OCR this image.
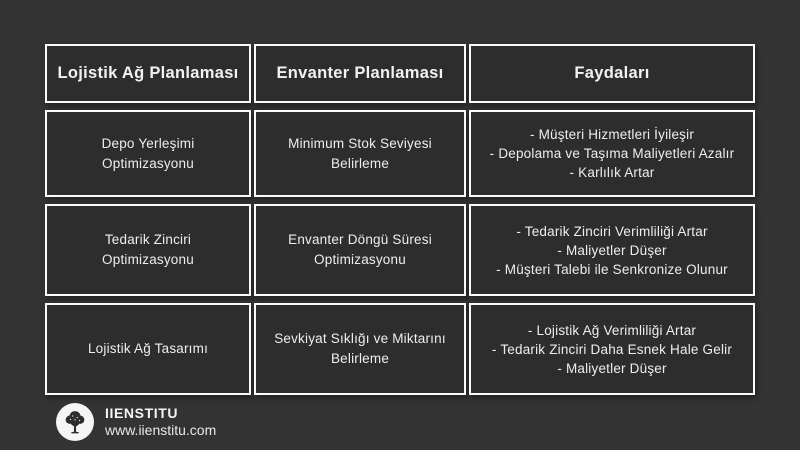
Lojistik Ağ Planlaması	Envanter Planlaması	Faydaları
Depo Yerleşimi Optimizasyonu
Minimum Stok Seviyesi Belirleme
- Müşteri Hizmetleri İyileşir
- Depolama ve Taşıma Maliyetleri Azalır
- Karlılık Artar
Tedarik Zinciri Optimizasyonu
Envanter Döngü Süresi Optimizasyonu
- Tedarik Zinciri Verimliliği Artar
- Maliyetler Düşer
- Müşteri Talebi ile Senkronize Olunur
Lojistik Ağ Tasarımı
Sevkiyat Sıklığı ve Miktarını Belirleme
- Lojistik Ağ Verimliliği Artar
- Tedarik Zinciri Daha Esnek Hale Gelir
- Maliyetler Düşer
IIENSTITU
www.iienstitu.com
